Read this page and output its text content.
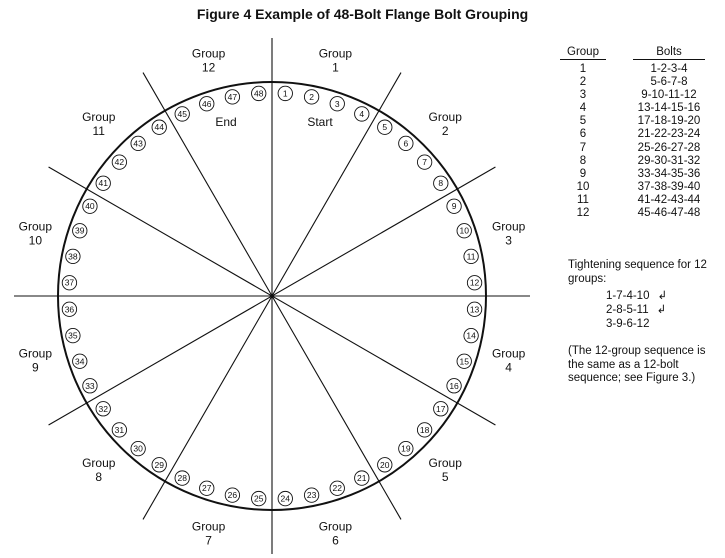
Figure 4 Example of 48-Bolt Flange Bolt Grouping
1	2
3
4
5
6
7
8
9
10
11
12
13
14
15
16
17
18
19
20
21
22
23
24
25
26
27
28
29
30
31
32
33
34
35
36
37
38
39
40
41
42
43
44
45
46
47 48
Group
1
Group
2
Group
3
Group
4
Group
5
Group
6
Group
7
Group
8
Group
9
Group
10
Group
11
Group
12
Start
End
Group	Bolts
1	1-2-3-4
2	5-6-7-8
3	9-10-11-12
4	13-14-15-16
5	17-18-19-20
6	21-22-23-24
7	25-26-27-28
8	29-30-31-32
9	33-34-35-36
10	37-38-39-40
11	41-42-43-44
12	45-46-47-48
Tightening sequence for 12 groups:
1-7-4-10 ↲
2-8-5-11 ↲
3-9-6-12
(The 12-group sequence is the same as a 12-bolt sequence; see Figure 3.)
